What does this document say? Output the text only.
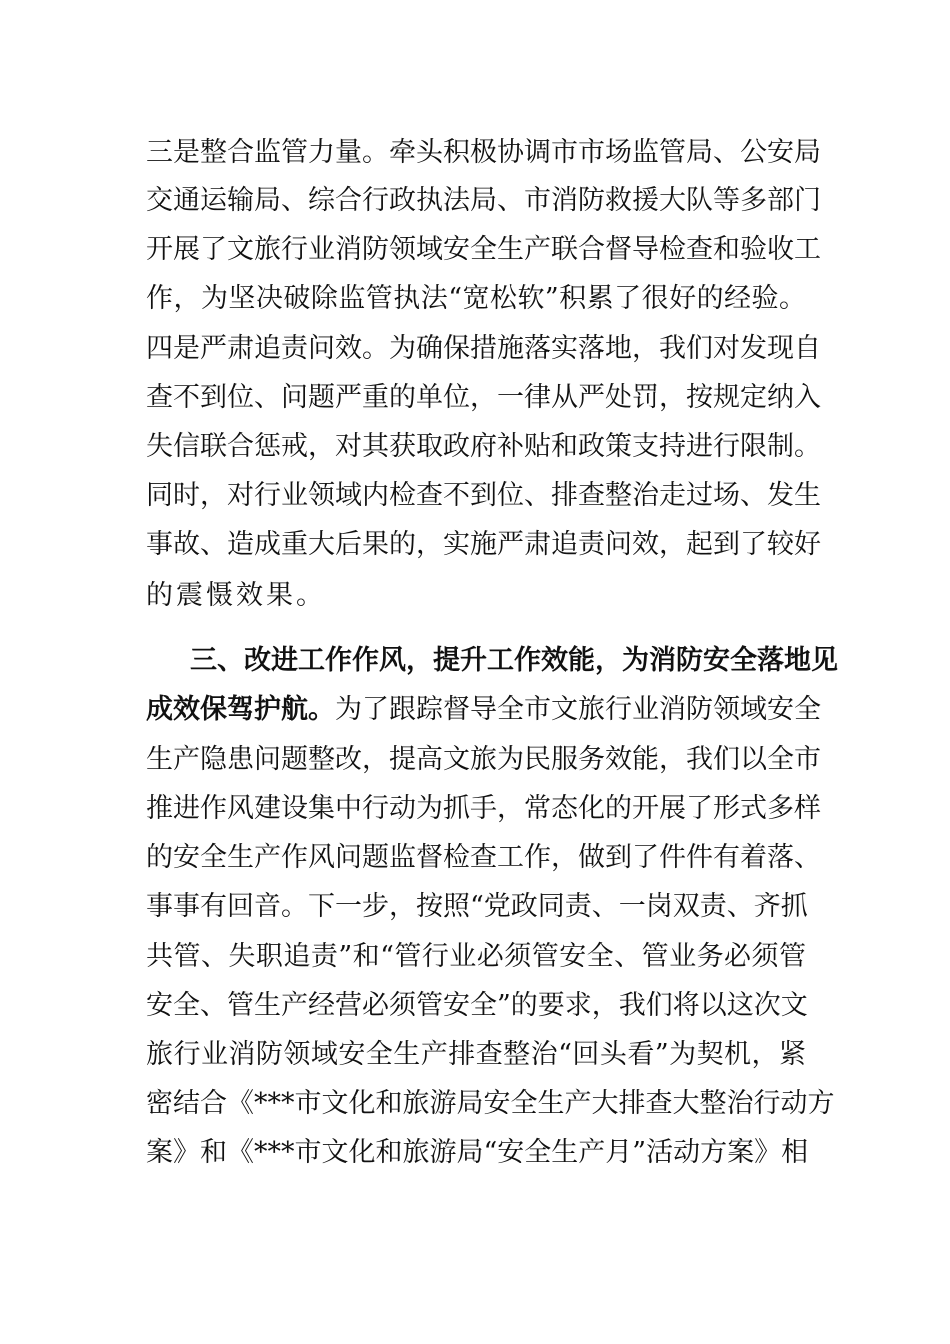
三是整合监管力量。牵头积极协调市市场监管局、公安局
交通运输局、综合行政执法局、市消防救援大队等多部门
开展了文旅行业消防领域安全生产联合督导检查和验收工
作，为坚决破除监管执法“宽松软”积累了很好的经验。
四是严肃追责问效。为确保措施落实落地，我们对发现自
查不到位、问题严重的单位，一律从严处罚，按规定纳入
失信联合惩戒，对其获取政府补贴和政策支持进行限制。
同时，对行业领域内检查不到位、排查整治走过场、发生
事故、造成重大后果的，实施严肃追责问效，起到了较好
的震慑效果。
三、改进工作作风，提升工作效能，为消防安全落地见
成效保驾护航。为了跟踪督导全市文旅行业消防领域安全
生产隐患问题整改，提高文旅为民服务效能，我们以全市
推进作风建设集中行动为抓手，常态化的开展了形式多样
的安全生产作风问题监督检查工作，做到了件件有着落、
事事有回音。下一步，按照“党政同责、一岗双责、齐抓
共管、失职追责”和“管行业必须管安全、管业务必须管
安全、管生产经营必须管安全”的要求，我们将以这次文
旅行业消防领域安全生产排查整治“回头看”为契机，紧
密结合《***市文化和旅游局安全生产大排查大整治行动方
案》和《***市文化和旅游局“安全生产月”活动方案》相
